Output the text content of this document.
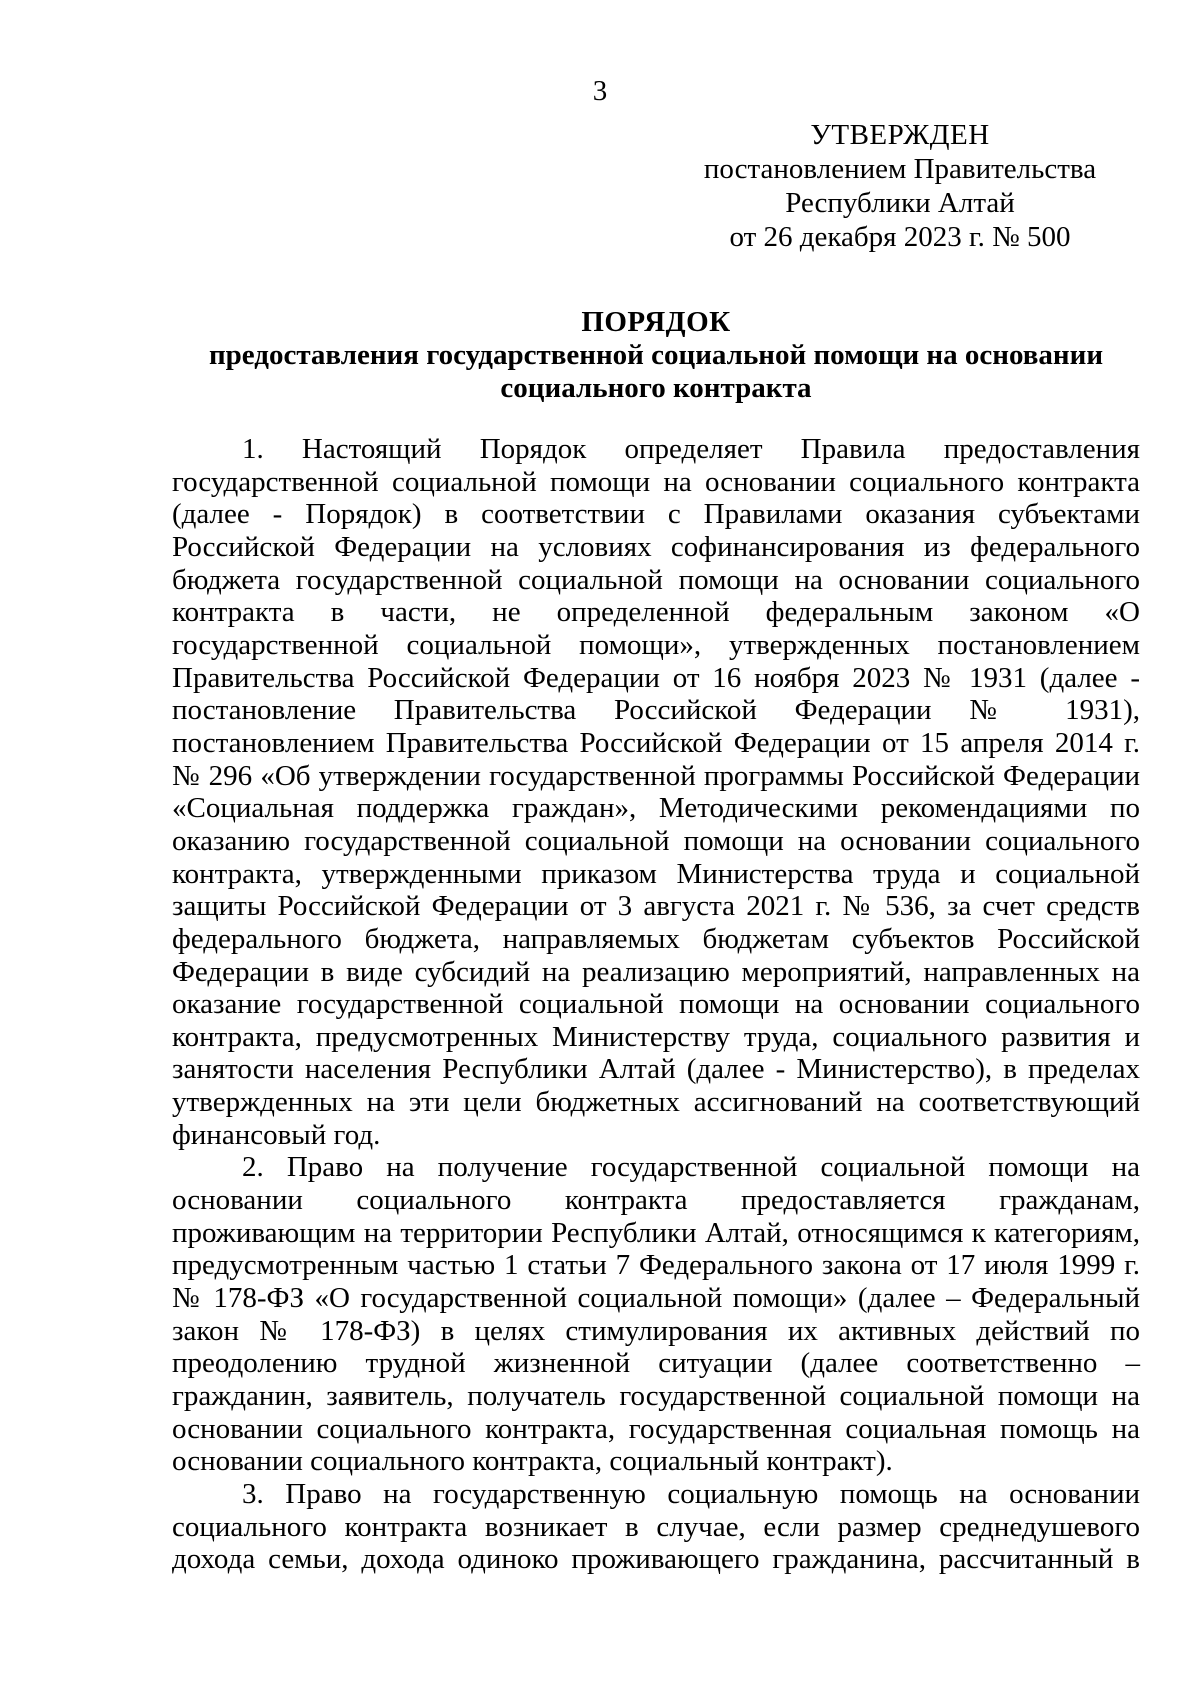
3
УТВЕРЖДЕН
постановлением Правительства
Республики Алтай
от 26 декабря 2023 г. № 500
ПОРЯДОК
предоставления государственной социальной помощи на основании
социального контракта

1. Настоящий Порядок определяет Правила предоставления государственной социальной помощи на основании социального контракта (далее - Порядок) в соответствии с Правилами оказания субъектами Российской Федерации на условиях софинансирования из федерального бюджета государственной социальной помощи на основании социального контракта в части, не определенной федеральным законом «О государственной социальной помощи», утвержденных постановлением Правительства Российской Федерации от 16 ноября 2023 № 1931 (далее - постановление Правительства Российской Федерации № 1931), постановлением Правительства Российской Федерации от 15 апреля 2014 г. № 296 «Об утверждении государственной программы Российской Федерации «Социальная поддержка граждан», Методическими рекомендациями по оказанию государственной социальной помощи на основании социального контракта, утвержденными приказом Министерства труда и социальной защиты Российской Федерации от 3 августа 2021 г. № 536, за счет средств федерального бюджета, направляемых бюджетам субъектов Российской Федерации в виде субсидий на реализацию мероприятий, направленных на оказание государственной социальной помощи на основании социального контракта, предусмотренных Министерству труда, социального развития и занятости населения Республики Алтай (далее - Министерство), в пределах утвержденных на эти цели бюджетных ассигнований на соответствующий финансовый год.

2. Право на получение государственной социальной помощи на основании социального контракта предоставляется гражданам, проживающим на территории Республики Алтай, относящимся к категориям, предусмотренным частью 1 статьи 7 Федерального закона от 17 июля 1999 г. № 178-ФЗ «О государственной социальной помощи» (далее – Федеральный закон № 178-ФЗ) в целях стимулирования их активных действий по преодолению трудной жизненной ситуации (далее соответственно – гражданин, заявитель, получатель государственной социальной помощи на основании социального контракта, государственная социальная помощь на основании социального контракта, социальный контракт).

3. Право на государственную социальную помощь на основании социального контракта возникает в случае, если размер среднедушевого дохода семьи, дохода одиноко проживающего гражданина, рассчитанный в
